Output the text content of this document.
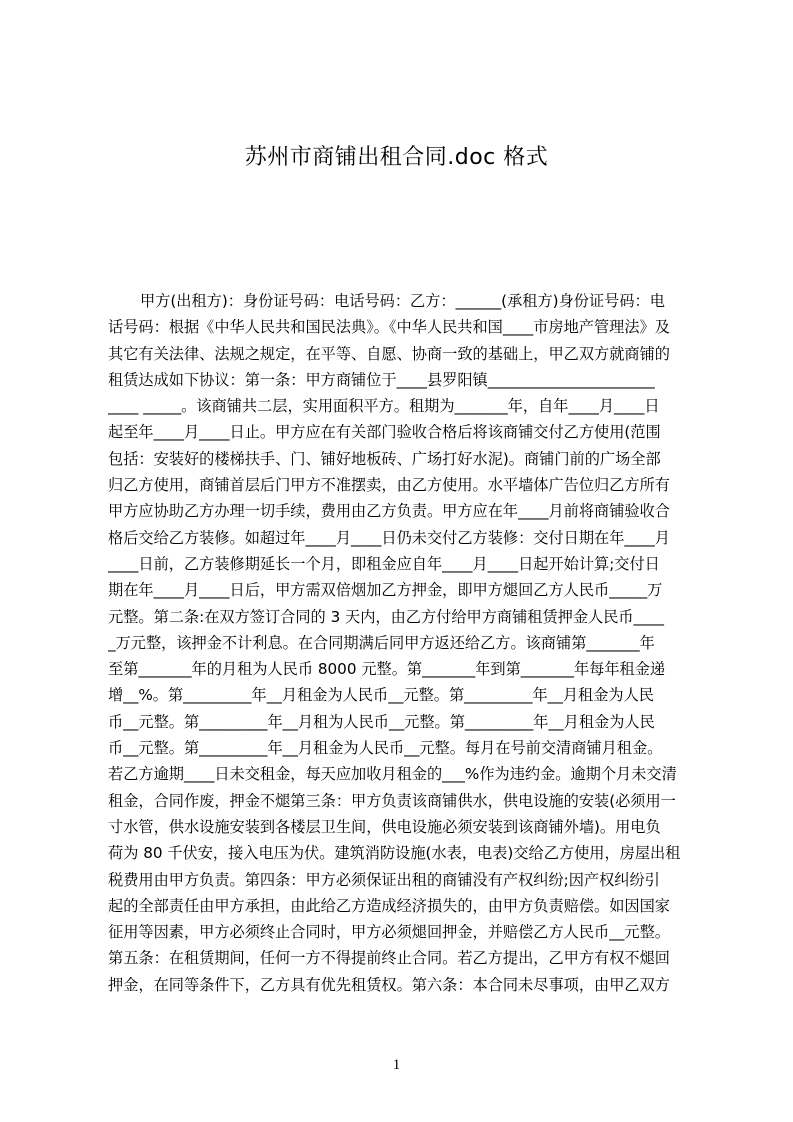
苏州市商铺出租合同.doc 格式
甲方(出租方)：身份证号码：电话号码：乙方：______(承租方)身份证号码：电
话号码：根据《中华人民共和国民法典》。《中华人民共和国____市房地产管理法》及
其它有关法律、法规之规定，在平等、自愿、协商一致的基础上，甲乙双方就商铺的
租赁达成如下协议：第一条：甲方商铺位于____县罗阳镇______________________
____ _____。该商铺共二层，实用面积平方。租期为_______年，自年____月____日
起至年____月____日止。甲方应在有关部门验收合格后将该商铺交付乙方使用(范围
包括：安装好的楼梯扶手、门、铺好地板砖、广场打好水泥)。商铺门前的广场全部
归乙方使用，商铺首层后门甲方不准摆卖，由乙方使用。水平墙体广告位归乙方所有
甲方应协助乙方办理一切手续，费用由乙方负责。甲方应在年____月前将商铺验收合
格后交给乙方装修。如超过年____月____日仍未交付乙方装修：交付日期在年____月
____日前，乙方装修期延长一个月，即租金应自年____月____日起开始计算;交付日
期在年____月____日后，甲方需双倍烟加乙方押金，即甲方煺回乙方人民币_____万
元整。第二条:在双方签订合同的 3 天内，由乙方付给甲方商铺租赁押金人民币____
_万元整，该押金不计利息。在合同期满后同甲方返还给乙方。该商铺第_______年
至第_______年的月租为人民币 8000 元整。第_______年到第_______年每年租金递
增__%。第_________年__月租金为人民币__元整。第_________年__月租金为人民
币__元整。第_________年__月租为人民币__元整。第_________年__月租金为人民
币__元整。第_________年__月租金为人民币__元整。每月在号前交清商铺月租金。
若乙方逾期____日未交租金，每天应加收月租金的___%作为违约金。逾期个月未交清
租金，合同作废，押金不煺第三条：甲方负责该商铺供水，供电设施的安装(必须用一
寸水管，供水设施安装到各楼层卫生间，供电设施必须安装到该商铺外墙)。用电负
荷为 80 千伏安，接入电压为伏。建筑消防设施(水表，电表)交给乙方使用，房屋出租
税费用由甲方负责。第四条：甲方必须保证出租的商铺没有产权纠纷;因产权纠纷引
起的全部责任由甲方承担，由此给乙方造成经济损失的，由甲方负责赔偿。如因国家
征用等因素，甲方必须终止合同时，甲方必须煺回押金，并赔偿乙方人民币__元整。
第五条：在租赁期间，任何一方不得提前终止合同。若乙方提出，乙甲方有权不煺回
押金，在同等条件下，乙方具有优先租赁权。第六条：本合同未尽事项，由甲乙双方
1
